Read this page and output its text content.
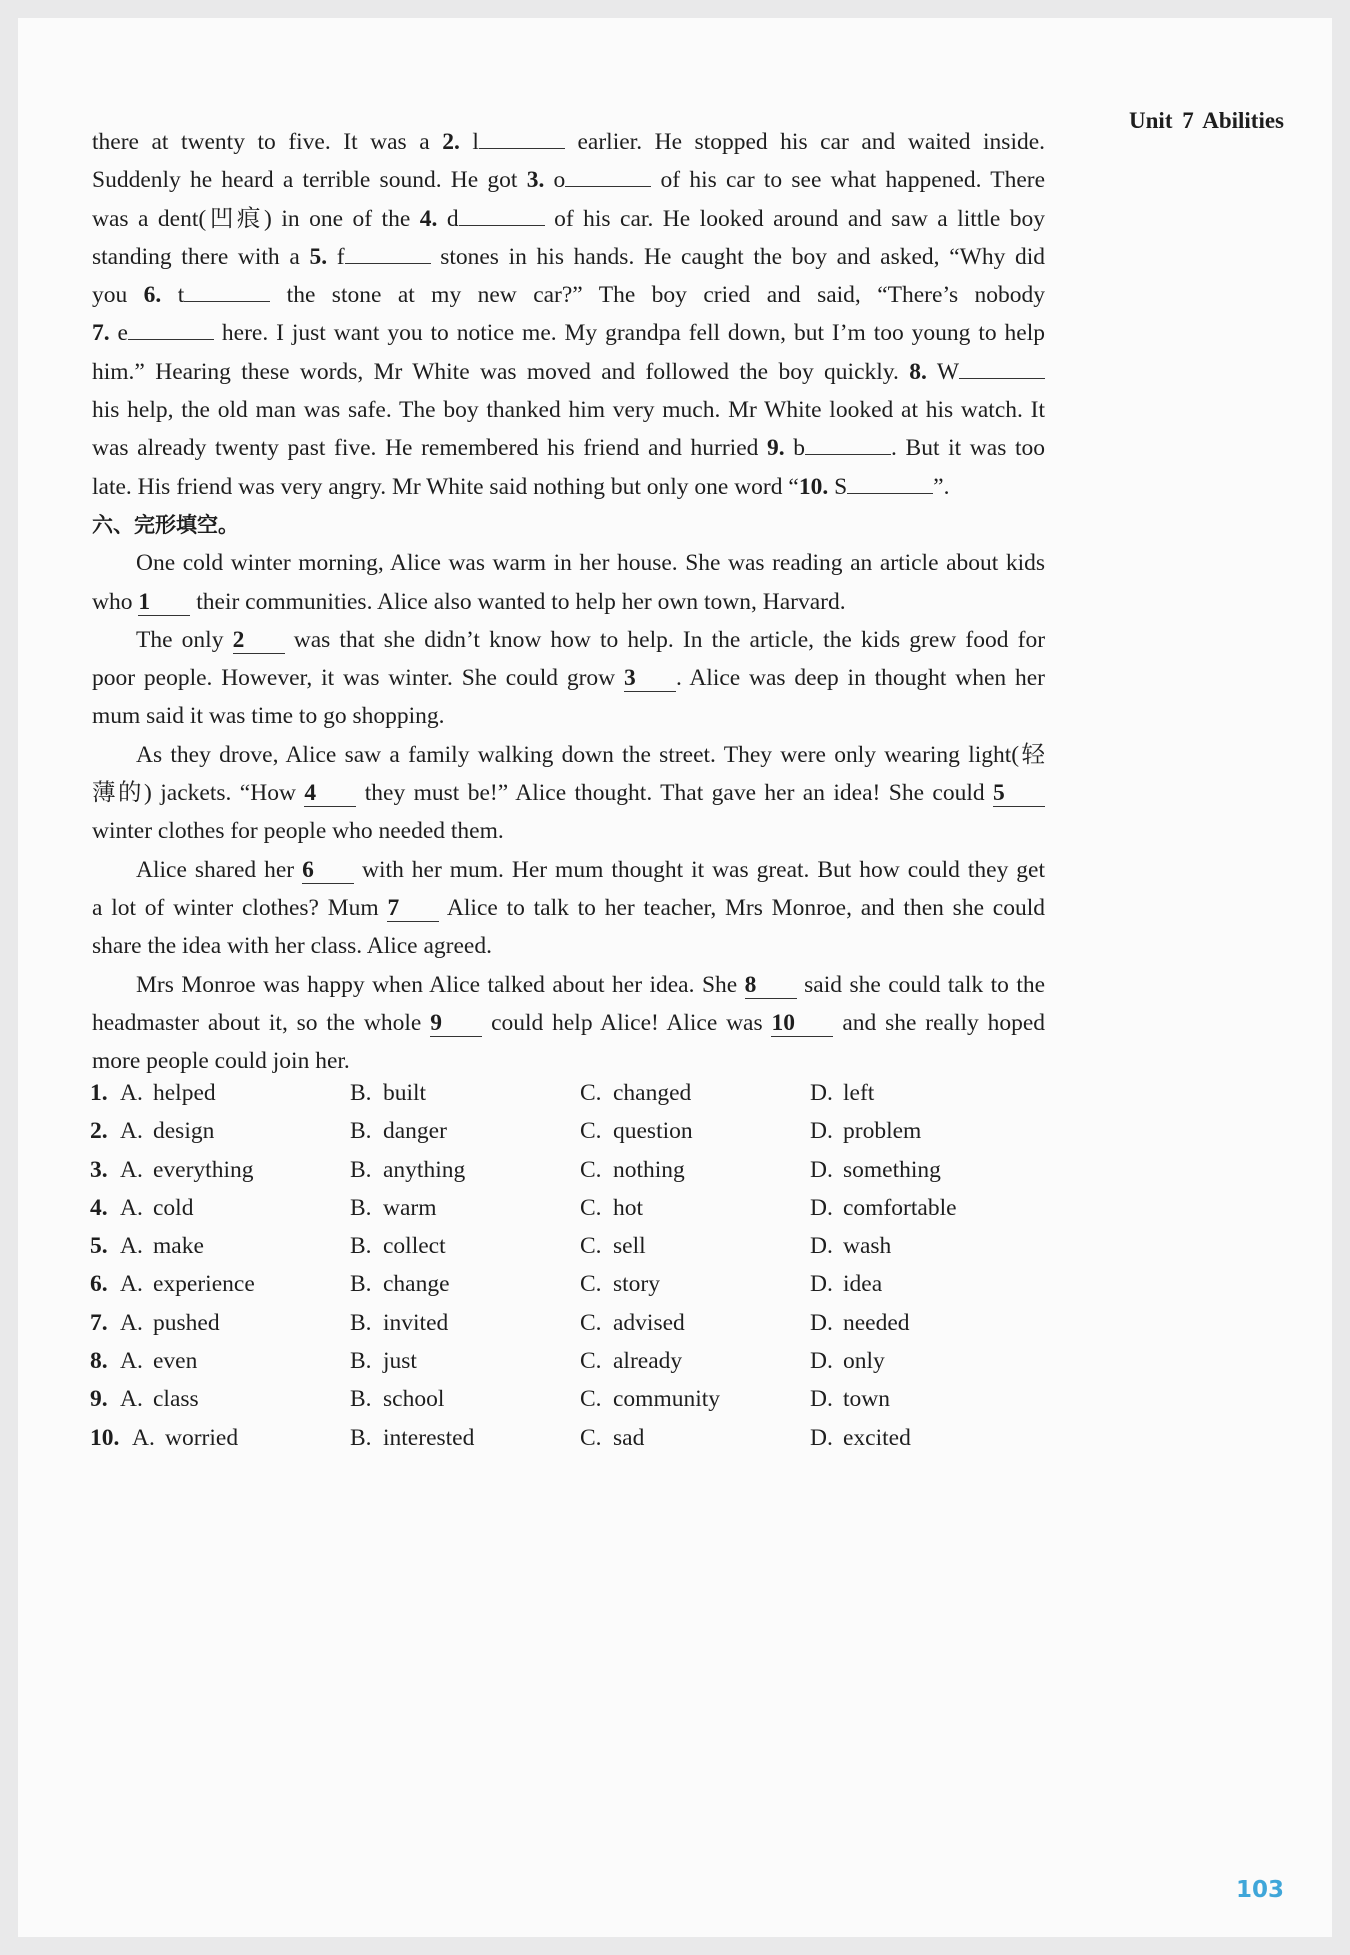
Unit 7 Abilities
there at twenty to five. It was a 2. l	earlier. He stopped his car and waited inside.
Suddenly he heard a terrible sound. He got 3. o	of his car to see what happened. There
was a dent(凹痕) in one of the 4. d	of his car. He looked around and saw a little boy
standing there with a 5. f	stones in his hands. He caught the boy and asked, “Why did
you 6. t	the stone at my new car?” The boy cried and said, “There’s nobody
7. e	here. I just want you to notice me. My grandpa fell down, but I’m too young to help
him.” Hearing these words, Mr White was moved and followed the boy quickly. 8. W
his help, the old man was safe. The boy thanked him very much. Mr White looked at his watch. It
was already twenty past five. He remembered his friend and hurried 9. b	. But it was too
late. His friend was very angry. Mr White said nothing but only one word “10. S	”.
六、完形填空。
One cold winter morning, Alice was warm in her house. She was reading an article about kids
who 1 their communities. Alice also wanted to help her own town, Harvard.
The only 2 was that she didn’t know how to help. In the article, the kids grew food for
poor people. However, it was winter. She could grow 3 . Alice was deep in thought when her
mum said it was time to go shopping.
As they drove, Alice saw a family walking down the street. They were only wearing light(轻
薄的) jackets. “How 4 they must be!” Alice thought. That gave her an idea! She could 5
winter clothes for people who needed them.
Alice shared her 6 with her mum. Her mum thought it was great. But how could they get
a lot of winter clothes? Mum 7 Alice to talk to her teacher, Mrs Monroe, and then she could
share the idea with her class. Alice agreed.
Mrs Monroe was happy when Alice talked about her idea. She 8 said she could talk to the
headmaster about it, so the whole 9 could help Alice! Alice was 10 and she really hoped
more people could join her.
1. A. helped	B. built	C. changed	D. left
2. A. design	B. danger	C. question	D. problem
3. A. everything	B. anything	C. nothing	D. something
4. A. cold	B. warm	C. hot	D. comfortable
5. A. make	B. collect	C. sell	D. wash
6. A. experience	B. change	C. story	D. idea
7. A. pushed	B. invited	C. advised	D. needed
8. A. even	B. just	C. already	D. only
9. A. class	B. school	C. community	D. town
10. A. worried	B. interested	C. sad	D. excited
103
